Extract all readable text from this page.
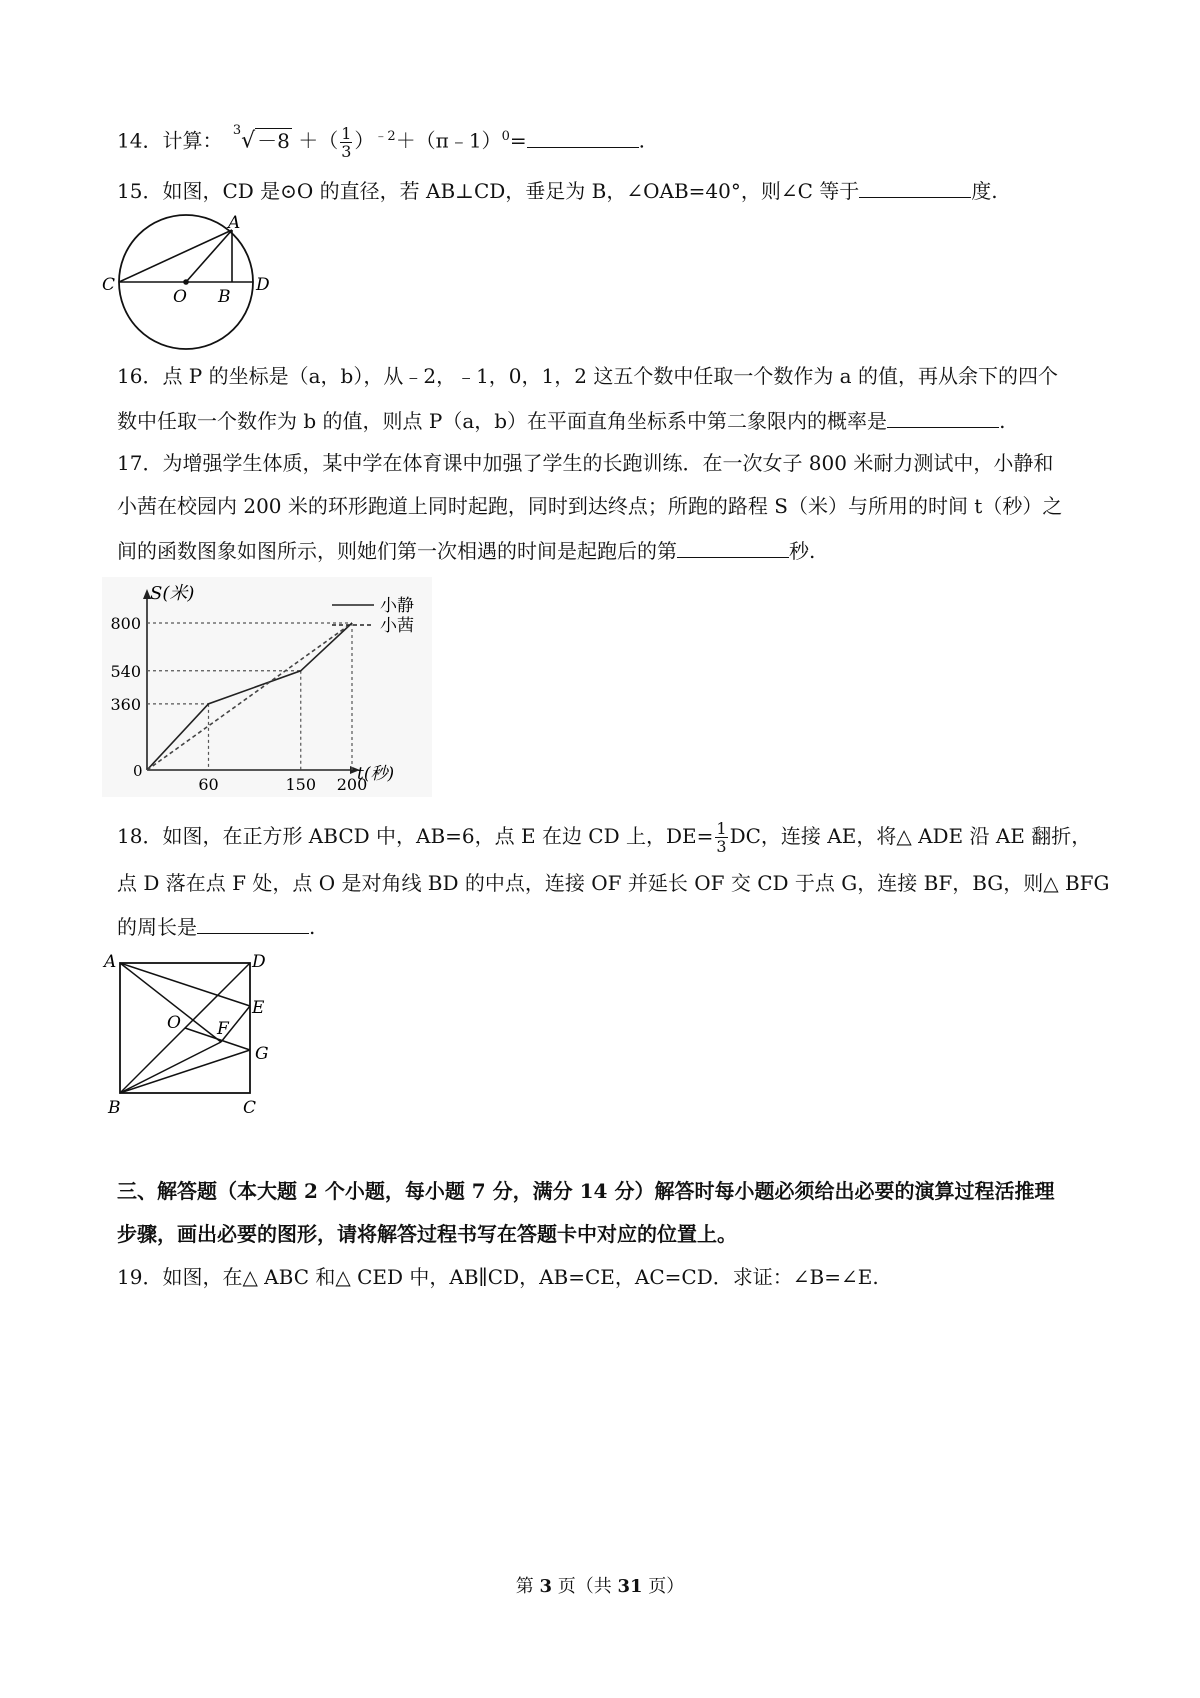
14．计算： $^3$√ －8 ＋（ $\frac{1}{3}$ ）$^{﹣2}$＋（π﹣1）$^0$=	.
15．如图，CD 是⊙O 的直径，若 AB⊥CD，垂足为 B，∠OAB=40°，则∠C 等于	度.
A
C
O B
D
16．点 P 的坐标是（a，b），从﹣2，﹣1，0，1，2 这五个数中任取一个数作为 a 的值，再从余下的四个
数中任取一个数作为 b 的值，则点 P（a，b）在平面直角坐标系中第二象限内的概率是	.
17．为增强学生体质，某中学在体育课中加强了学生的长跑训练．在一次女子 800 米耐力测试中，小静和
小茜在校园内 200 米的环形跑道上同时起跑，同时到达终点；所跑的路程 S（米）与所用的时间 t（秒）之
间的函数图象如图所示，则她们第一次相遇的时间是起跑后的第	秒.
S(米)
t(秒)
0
60	150 200
360
540
800
小静
小茜
18．如图，在正方形 ABCD 中，AB=6，点 E 在边 CD 上，$DE= \frac{1}{3}$ DC，连接 AE，将△ ADE 沿 AE 翻折，
点 D 落在点 F 处，点 O 是对角线 BD 的中点，连接 OF 并延长 OF 交 CD 于点 G，连接 BF，BG，则△ BFG
的周长是	.
A	D
E
O F
G
B	C
三、解答题（本大题 2 个小题，每小题 7 分，满分 14 分）解答时每小题必须给出必要的演算过程活推理
步骤，画出必要的图形，请将解答过程书写在答题卡中对应的位置上。
19．如图，在△ ABC 和△ CED 中，AB∥CD，AB=CE，AC=CD．求证：∠B=∠E.
第 3 页（共 31 页）
